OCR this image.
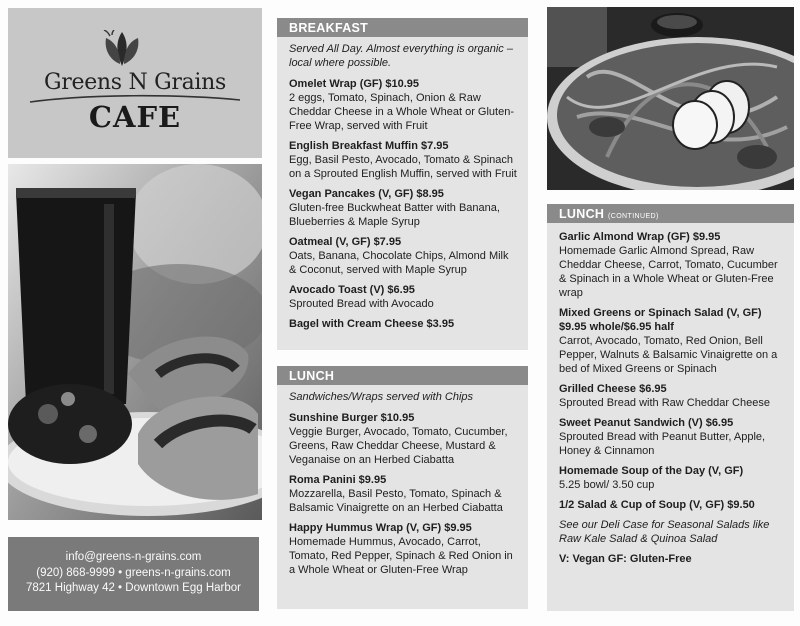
Greens N Grains
CAFE
info@greens-n-grains.com
(920) 868-9999 • greens-n-grains.com
7821 Highway 42 • Downtown Egg Harbor
BREAKFAST
Served All Day. Almost everything is organic – local where possible.
Omelet Wrap (GF) $10.95
2 eggs, Tomato, Spinach, Onion & Raw Cheddar Cheese in a Whole Wheat or Gluten-Free Wrap, served with Fruit
English Breakfast Muffin $7.95
Egg, Basil Pesto, Avocado, Tomato & Spinach on a Sprouted English Muffin, served with Fruit
Vegan Pancakes (V, GF) $8.95
Gluten-free Buckwheat Batter with Banana, Blueberries & Maple Syrup
Oatmeal (V, GF) $7.95
Oats, Banana, Chocolate Chips, Almond Milk & Coconut, served with Maple Syrup
Avocado Toast (V) $6.95
Sprouted Bread with Avocado
Bagel with Cream Cheese $3.95
LUNCH
Sandwiches/Wraps served with Chips
Sunshine Burger $10.95
Veggie Burger, Avocado, Tomato, Cucumber, Greens, Raw Cheddar Cheese, Mustard & Veganaise on an Herbed Ciabatta
Roma Panini $9.95
Mozzarella, Basil Pesto, Tomato, Spinach & Balsamic Vinaigrette on an Herbed Ciabatta
Happy Hummus Wrap (V, GF) $9.95
Homemade Hummus, Avocado, Carrot, Tomato, Red Pepper, Spinach & Red Onion in a Whole Wheat or Gluten-Free Wrap
LUNCH (CONTINUED)
Garlic Almond Wrap (GF) $9.95
Homemade Garlic Almond Spread, Raw Cheddar Cheese, Carrot, Tomato, Cucumber & Spinach in a Whole Wheat or Gluten-Free wrap
Mixed Greens or Spinach Salad (V, GF) $9.95 whole/$6.95 half
Carrot, Avocado, Tomato, Red Onion, Bell Pepper, Walnuts & Balsamic Vinaigrette on a bed of Mixed Greens or Spinach
Grilled Cheese $6.95
Sprouted Bread with Raw Cheddar Cheese
Sweet Peanut Sandwich (V) $6.95
Sprouted Bread with Peanut Butter, Apple, Honey & Cinnamon
Homemade Soup of the Day (V, GF)
5.25 bowl/ 3.50 cup
1/2 Salad & Cup of Soup (V, GF) $9.50
See our Deli Case for Seasonal Salads like Raw Kale Salad & Quinoa Salad
V: Vegan GF: Gluten-Free
